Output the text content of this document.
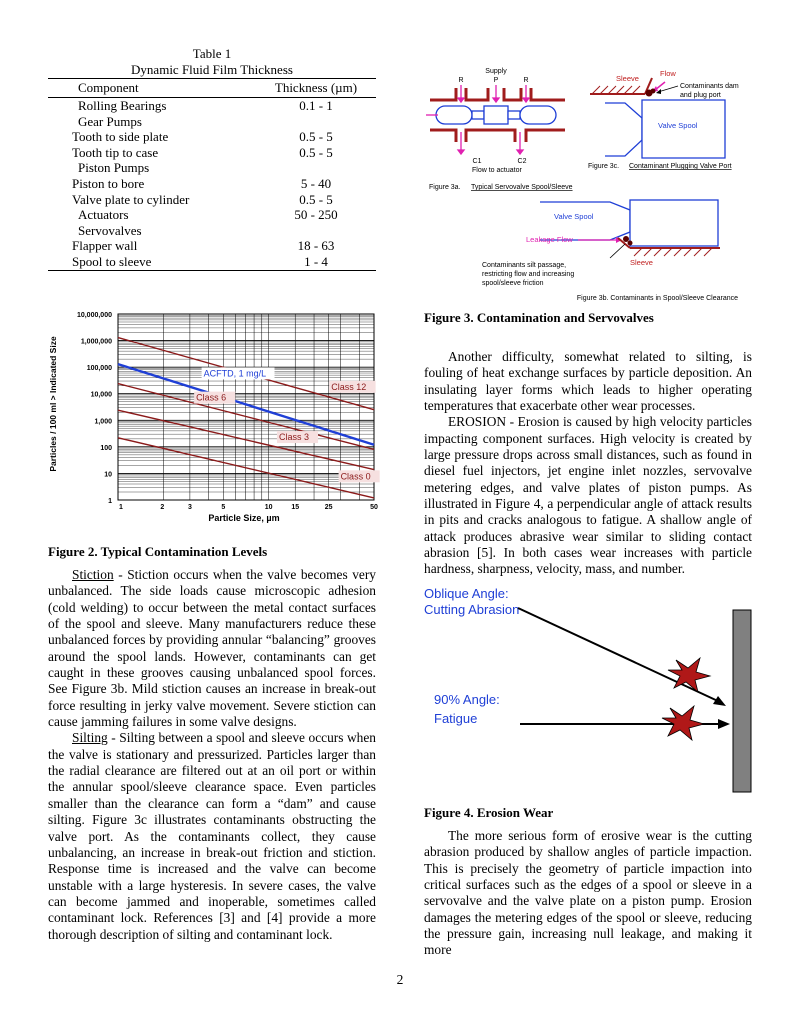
Table 1
Dynamic Fluid Film Thickness
Component	Thickness (µm)
Rolling Bearings	0.1 - 1
Gear Pumps	
Tooth to side plate	0.5 - 5
Tooth tip to case	0.5 - 5
Piston Pumps	
Piston to bore	5 - 40
Valve plate to cylinder	0.5 - 5
Actuators	50 - 250
Servovalves	
Flapper wall	18 - 63
Spool to sleeve	1 - 4
10,000,000
1,000,000
100,000
10,000
1,000
100
10
1
1	2	3	5	10	15	25	50
ACFTD, 1 mg/L
Class 12
Class 6
Class 3
Class 0
Particles / 100 ml > Indicated Size
Particle Size, µm
Figure 2. Typical Contamination Levels

Stiction - Stiction occurs when the valve becomes very unbalanced. The side loads cause microscopic adhesion (cold welding) to occur between the metal contact surfaces of the spool and sleeve. Many manufacturers reduce these unbalanced forces by providing annular “balancing” grooves around the spool lands. However, contaminants can get caught in these grooves causing unbalanced spool forces. See Figure 3b. Mild stiction causes an increase in break-out force resulting in jerky valve movement. Severe stiction can cause jamming failures in some valve designs.

Silting - Silting between a spool and sleeve occurs when the valve is stationary and pressurized. Particles larger than the radial clearance are filtered out at an oil port or within the annular spool/sleeve clearance space. Even particles smaller than the clearance can form a “dam” and cause silting. Figure 3c illustrates contaminants obstructing the valve port. As the contaminants collect, they cause unbalancing, an increase in break-out friction and stiction. Response time is increased and the valve can become unstable with a large hysteresis. In severe cases, the valve can become jammed and inoperable, sometimes called contaminant lock. References [3] and [4] provide a more thorough description of silting and contaminant lock.

Supply
R	P	R
C1	C2
Flow to actuator
Figure 3a. Typical Servovalve Spool/Sleeve
Sleeve
Flow
Valve Spool
Contaminants dam
and plug port
Figure 3c. Contaminant Plugging Valve Port
Valve Spool
Leakage Flow
Sleeve
Contaminants silt passage,
restricting flow and increasing
spool/sleeve friction
Figure 3b. Contaminants in Spool/Sleeve Clearance
Figure 3. Contamination and Servovalves

Another difficulty, somewhat related to silting, is fouling of heat exchange surfaces by particle deposition. An insulating layer forms which leads to higher operating temperatures that exacerbate other wear processes.

EROSION - Erosion is caused by high velocity particles impacting component surfaces. High velocity is created by large pressure drops across small distances, such as found in diesel fuel injectors, jet engine inlet nozzles, servovalve metering edges, and valve plates of piston pumps. As illustrated in Figure 4, a perpendicular angle of attack results in pits and cracks analogous to fatigue. A shallow angle of attack produces abrasive wear similar to sliding contact abrasion [5]. In both cases wear increases with particle hardness, sharpness, velocity, mass, and number.

Oblique Angle:
Cutting Abrasion
90% Angle:
Fatigue
Figure 4. Erosion Wear

The more serious form of erosive wear is the cutting abrasion produced by shallow angles of particle impaction. This is precisely the geometry of particle impaction into critical surfaces such as the edges of a spool or sleeve in a servovalve and the valve plate on a piston pump. Erosion damages the metering edges of the spool or sleeve, reducing the pressure gain, increasing null leakage, and making it more

2
